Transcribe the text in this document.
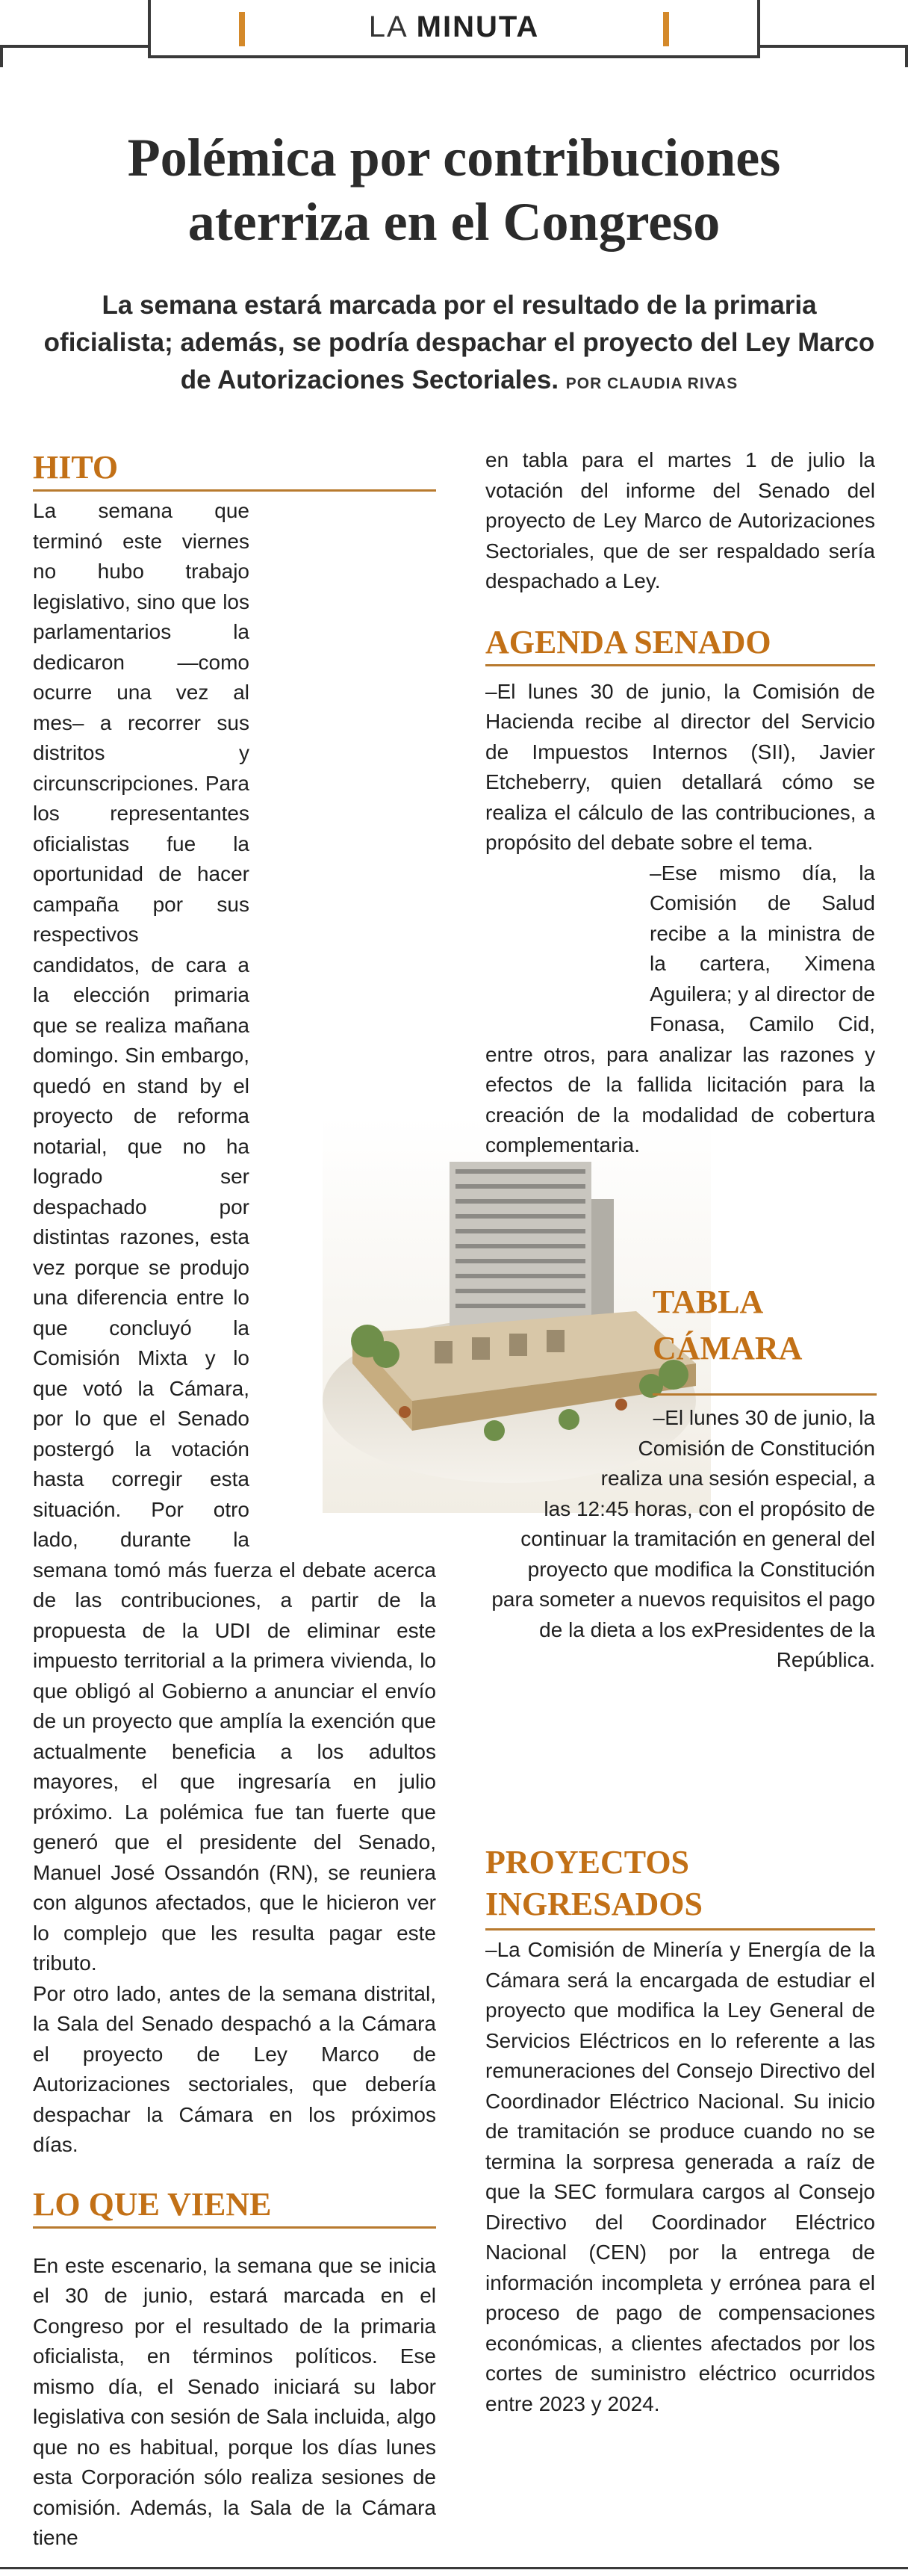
LA MINUTA
Polémica por contribuciones aterriza en el Congreso
La semana estará marcada por el resultado de la primaria oficialista; además, se podría despachar el proyecto del Ley Marco de Autorizaciones Sectoriales. POR CLAUDIA RIVAS
HITO

La semana que terminó este viernes no hubo trabajo legislativo, sino que los parlamentarios la dedicaron —como ocurre una vez al mes– a recorrer sus distritos y circunscripciones. Para los representantes oficialistas fue la oportunidad de hacer campaña por sus respectivos candidatos, de cara a la elección primaria que se realiza mañana domingo. Sin embargo, quedó en stand by el proyecto de reforma notarial, que no ha logrado ser despachado por distintas razones, esta vez porque se produjo una diferencia entre lo que concluyó la Comisión Mixta y lo que votó la Cámara, por lo que el Senado postergó la votación hasta corregir esta situación. Por otro lado, durante la semana tomó más fuerza el debate acerca de las contribuciones, a partir de la propuesta de la UDI de eliminar este impuesto territorial a la primera vivienda, lo que obligó al Gobierno a anunciar el envío de un proyecto que amplía la exención que actualmente beneficia a los adultos mayores, el que ingresaría en julio próximo. La polémica fue tan fuerte que generó que el presidente del Senado, Manuel José Ossandón (RN), se reuniera con algunos afectados, que le hicieron ver lo complejo que les resulta pagar este tributo.

Por otro lado, antes de la semana distrital, la Sala del Senado despachó a la Cámara el proyecto de Ley Marco de Autorizaciones sectoriales, que debería despachar la Cámara en los próximos días.

LO QUE VIENE

En este escenario, la semana que se inicia el 30 de junio, estará marcada en el Congreso por el resultado de la primaria oficialista, en términos políticos. Ese mismo día, el Senado iniciará su labor legislativa con sesión de Sala incluida, algo que no es habitual, porque los días lunes esta Corporación sólo realiza sesiones de comisión. Además, la Sala de la Cámara tiene

en tabla para el martes 1 de julio la votación del informe del Senado del proyecto de Ley Marco de Autorizaciones Sectoriales, que de ser respaldado sería despachado a Ley.

AGENDA SENADO

–El lunes 30 de junio, la Comisión de Hacienda recibe al director del Servicio de Impuestos Internos (SII), Javier Etcheberry, quien detallará cómo se realiza el cálculo de las contribuciones, a propósito del debate sobre el tema.

–Ese mismo día, la Comisión de Salud recibe a la ministra de la cartera, Ximena Aguilera; y al director de Fonasa, Camilo Cid, entre otros, para analizar las razones y efectos de la fallida licitación para la creación de la modalidad de cobertura complementaria.

TABLA CÁMARA
–El lunes 30 de junio, la Comisión de Constitución realiza una sesión especial, a las 12:45 horas, con el propósito de continuar la tramitación en general del proyecto que modifica la Constitución para someter a nuevos requisitos el pago de la dieta a los exPresidentes de la República.
PROYECTOS INGRESADOS

–La Comisión de Minería y Energía de la Cámara será la encargada de estudiar el proyecto que modifica la Ley General de Servicios Eléctricos en lo referente a las remuneraciones del Consejo Directivo del Coordinador Eléctrico Nacional. Su inicio de tramitación se produce cuando no se termina la sorpresa generada a raíz de que la SEC formulara cargos al Consejo Directivo del Coordinador Eléctrico Nacional (CEN) por la entrega de información incompleta y errónea para el proceso de pago de compensaciones económicas, a clientes afectados por los cortes de suministro eléctrico ocurridos entre 2023 y 2024.
